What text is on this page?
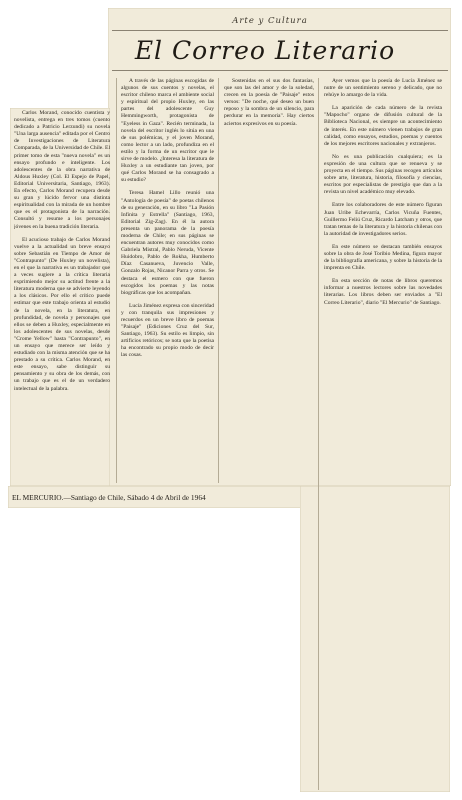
Arte y Cultura
El Correo Literario

Carlos Morand, conocido cuentista y novelista, entrega en tres tomos (cuento dedicado a Patricio Lerzundi) su novela "Una larga ausencia" editada por el Centro de Investigaciones de Literatura Comparada, de la Universidad de Chile. El primer tomo de esta "nueva novela" es un ensayo profundo e inteligente. Los adolescentes de la obra narrativa de Aldous Huxley (Col. El Espejo de Papel, Editorial Universitaria, Santiago, 1963). En efecto, Carlos Morand recupera desde su gran y lúcido fervor una distinta espiritualidad con la mirada de un hombre que es el protagonista de la narración. Consultó y resume a los personajes jóvenes en la buena tradición literaria.

El acucioso trabajo de Carlos Morand vuelve a la actualidad un breve ensayo sobre Sebastián en Tiempo de Amor de "Contrapunto" (De Huxley un novelista), en el que la narrativa es un trabajador que a veces sugiere a la crítica literaria exprimiendo mejor su actitud frente a la literatura moderna que se advierte leyendo a los clásicos. Por ello el crítico puede estimar que este trabajo orienta al estudio de la novela, en la literatura, en profundidad, de novela y personajes que ellos se deben a Huxley, especialmente en los adolescentes de sus novelas, desde "Crome Yellow" hasta "Contrapunto", en un ensayo que merece ser leído y estudiado con la misma atención que se ha prestado a su crítica. Carlos Morand, en este ensayo, sabe distinguir su pensamiento y su obra de los demás, con un trabajo que es el de un verdadero intelectual de la palabra.

A través de las páginas escogidas de algunos de sus cuentos y novelas, el escritor chileno marca el ambiente social y espiritual del propio Huxley, en las partes del adolescente Guy Hemmingworth, protagonista de "Eyeless in Gaza". Recién terminada, la novela del escritor inglés lo sitúa en una de sus polémicas, y el joven Morand, como lector a un lado, profundiza en el estilo y la forma de un escritor que le sirve de modelo. ¿Interesa la literatura de Huxley a un estudiante tan joven, por qué Carlos Morand se ha consagrado a su estudio?

Teresa Hamel Lillo reunió una "Antología de poesía" de poetas chilenos de su generación, en su libro "La Pasión Infinita y Estrella" (Santiago, 1963, Editorial Zig-Zag). En él la autora presenta un panorama de la poesía moderna de Chile; en sus páginas se encuentran autores muy conocidos como Gabriela Mistral, Pablo Neruda, Vicente Huidobro, Pablo de Rokha, Humberto Díaz Casanueva, Juvencio Valle, Gonzalo Rojas, Nicanor Parra y otros. Se destaca el esmero con que fueron escogidos los poemas y las notas biográficas que los acompañan.

Lucía Jiménez expresa con sinceridad y con tranquila sus impresiones y recuerdos en un breve libro de poemas "Paisaje" (Ediciones Cruz del Sur, Santiago, 1963). Su estilo es limpio, sin artificios retóricos; se nota que la poetisa ha encontrado su propio modo de decir las cosas.

Sostenidas en el sus dos fantasías, que son las del amor y de la soledad, crecen en la poesía de "Paisaje" estos versos: "De noche, qué deseo un buen reposo y la sombra de un silencio, para perdurar en la memoria". Hay ciertos aciertos expresivos en su poesía.

Ayer vemos que la poesía de Lucía Jiménez se nutre de un sentimiento sereno y delicado, que no rehúye lo amargo de la vida.

La aparición de cada número de la revista "Mapocho" organo de difusión cultural de la Biblioteca Nacional, es siempre un acontecimiento de interés. En este número vienen trabajos de gran calidad, como ensayos, estudios, poemas y cuentos de los mejores escritores nacionales y extranjeros.

No es una publicación cualquiera; es la expresión de una cultura que se renueva y se proyecta en el tiempo. Sus páginas recogen artículos sobre arte, literatura, historia, filosofía y ciencias, escritos por especialistas de prestigio que dan a la revista un nivel académico muy elevado.

Entre los colaboradores de este número figuran Juan Uribe Echevarría, Carlos Vicuña Fuentes, Guillermo Feliú Cruz, Ricardo Latcham y otros, que tratan temas de la literatura y la historia chilenas con la autoridad de investigadores serios.

En este número se destacan también ensayos sobre la obra de José Toribio Medina, figura mayor de la bibliografía americana, y sobre la historia de la imprenta en Chile.

En esta sección de notas de libros queremos informar a nuestros lectores sobre las novedades literarias. Los libros deben ser enviados a "El Correo Literario", diario "El Mercurio" de Santiago.

EL MERCURIO.—Santiago de Chile, Sábado 4 de Abril de 1964
